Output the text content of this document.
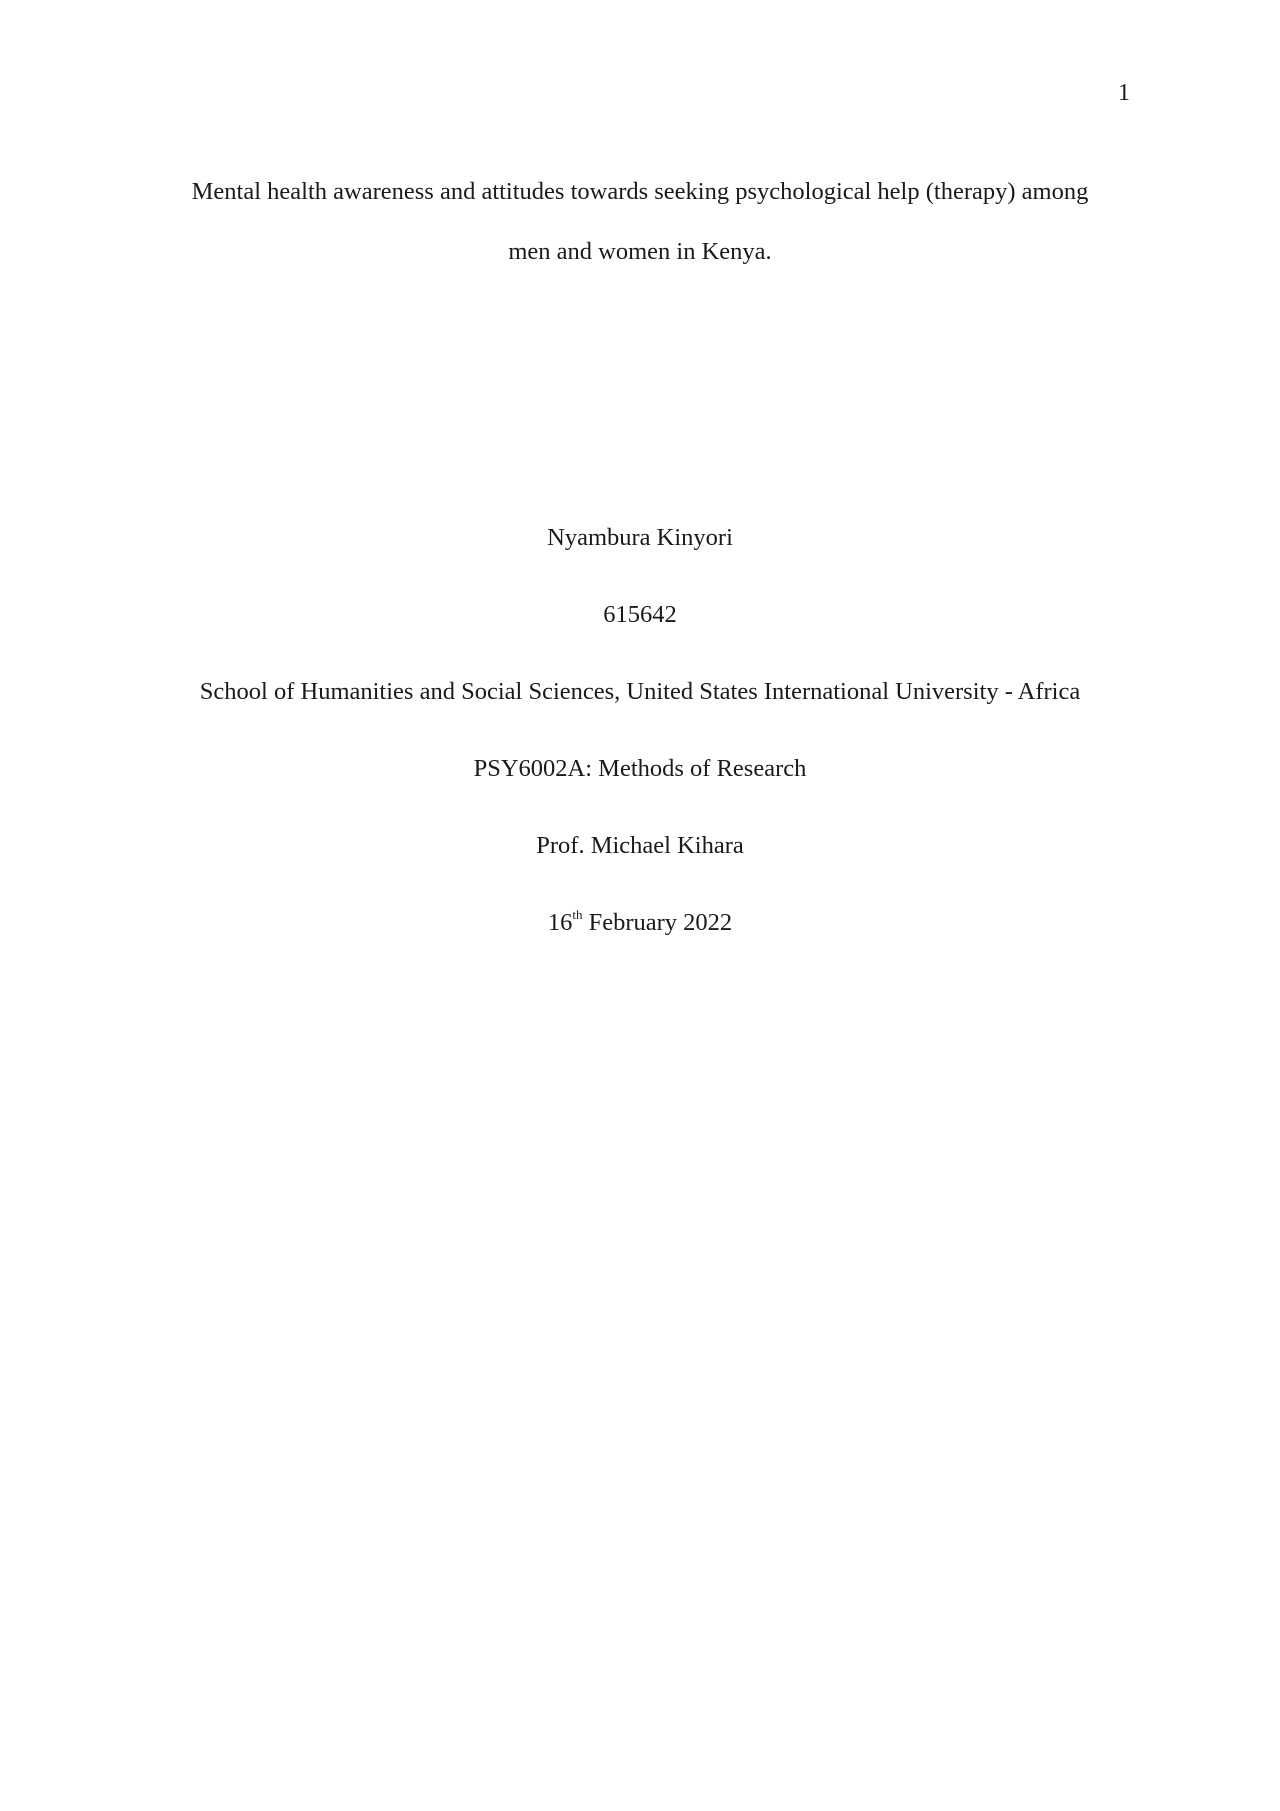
1
Mental health awareness and attitudes towards seeking psychological help (therapy) among
men and women in Kenya.
Nyambura Kinyori
615642
School of Humanities and Social Sciences, United States International University - Africa
PSY6002A: Methods of Research
Prof. Michael Kihara
16th February 2022
